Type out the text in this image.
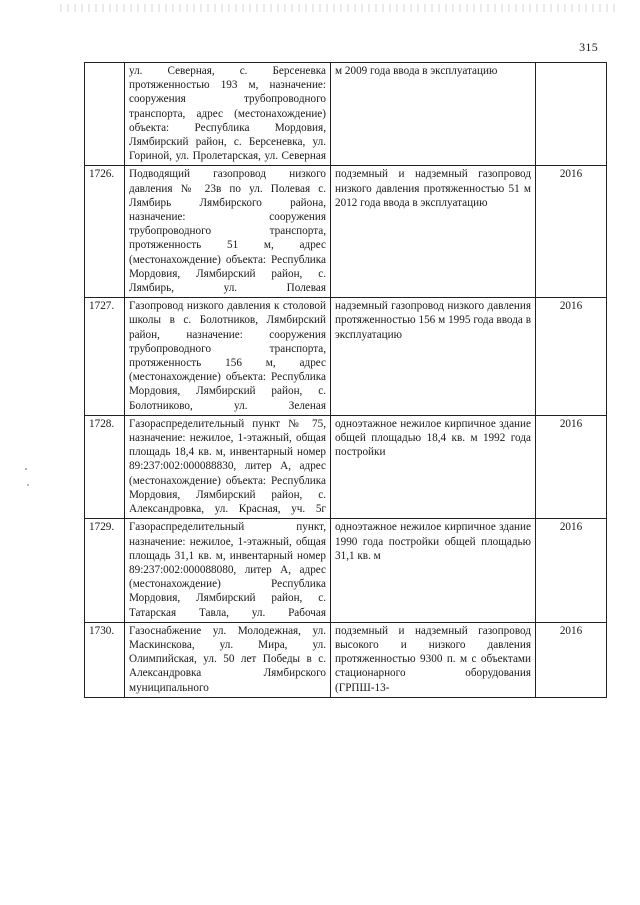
315
	ул. Северная, с. Берсеневка протяженностью 193 м, назначение: сооружения трубопроводного транспорта, адрес (местонахождение) объекта: Республика Мордовия, Лямбирский район, с. Берсеневка, ул. Гориной, ул. Пролетарская, ул. Северная	м 2009 года ввода в эксплуатацию	
1726.	Подводящий газопровод низкого давления № 23в по ул. Полевая с. Лямбирь Лямбирского района, назначение: сооружения трубопроводного транспорта, протяженность 51 м, адрес (местонахождение) объекта: Республика Мордовия, Лямбирский район, с. Лямбирь, ул. Полевая	подземный и надземный газопровод низкого давления протяженностью 51 м 2012 года ввода в эксплуатацию	2016
1727.	Газопровод низкого давления к столовой школы в с. Болотников, Лямбирский район, назначение: сооружения трубопроводного транспорта, протяженность 156 м, адрес (местонахождение) объекта: Республика Мордовия, Лямбирский район, с. Болотниково, ул. Зеленая	надземный газопровод низкого давления протяженностью 156 м 1995 года ввода в эксплуатацию	2016
1728.	Газораспределительный пункт № 75, назначение: нежилое, 1-этажный, общая площадь 18,4 кв. м, инвентарный номер 89:237:002:000088830, литер А, адрес (местонахождение) объекта: Республика Мордовия, Лямбирский район, с. Александровка, ул. Красная, уч. 5г	одноэтажное нежилое кирпичное здание общей площадью 18,4 кв. м 1992 года постройки	2016
1729.	Газораспределительный пункт, назначение: нежилое, 1-этажный, общая площадь 31,1 кв. м, инвентарный номер 89:237:002:000088080, литер А, адрес (местонахождение) Республика Мордовия, Лямбирский район, с. Татарская Тавла, ул. Рабочая	одноэтажное нежилое кирпичное здание 1990 года постройки общей площадью 31,1 кв. м	2016
1730.	Газоснабжение ул. Молодежная, ул. Маскинскова, ул. Мира, ул. Олимпийская, ул. 50 лет Победы в с. Александровка Лямбирского муниципального	подземный и надземный газопровод высокого и низкого давления протяженностью 9300 п. м с объектами стационарного оборудования (ГРПШ-13-	2016
